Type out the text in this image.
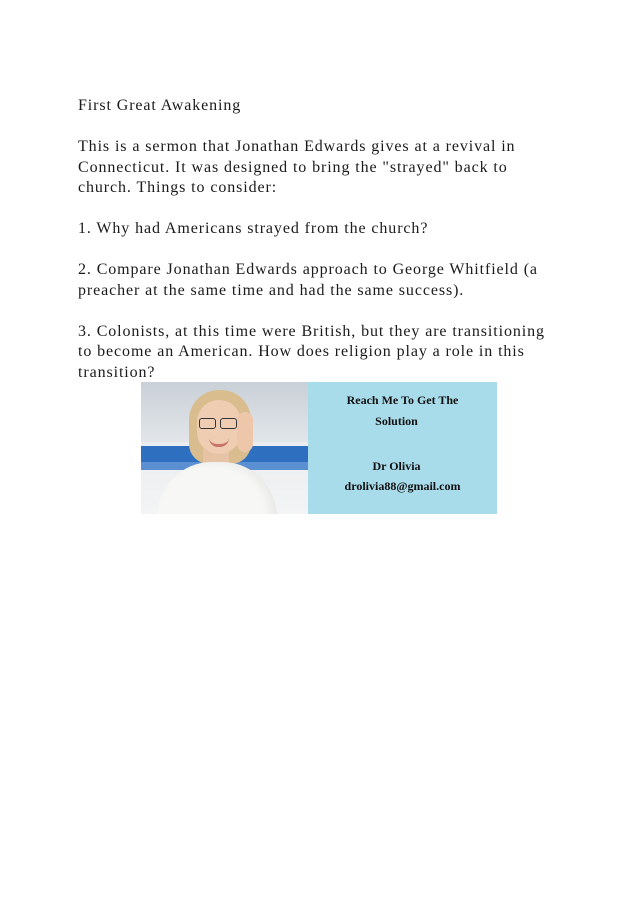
First Great Awakening

This is a sermon that Jonathan Edwards gives at a revival in

Connecticut. It was designed to bring the "strayed" back to

church. Things to consider:

1. Why had Americans strayed from the church?

2. Compare Jonathan Edwards approach to George Whitfield (a

preacher at the same time and had the same success).

3. Colonists, at this time were British, but they are transitioning

to become an American. How does religion play a role in this

transition?

Reach Me To Get The
Solution
Dr Olivia
drolivia88@gmail.com
